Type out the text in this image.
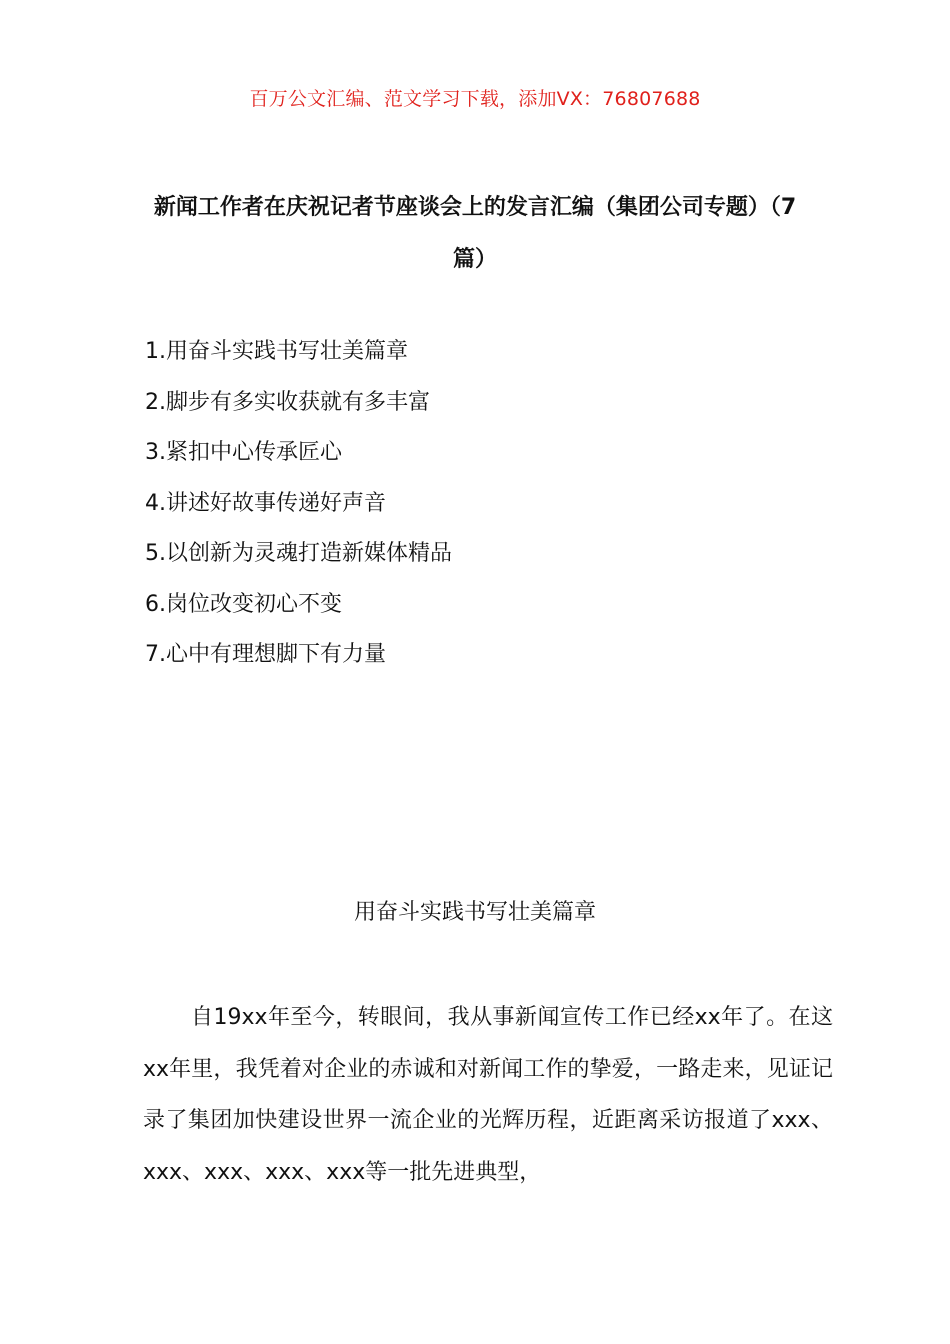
百万公文汇编、范文学习下载，添加VX：76807688
新闻工作者在庆祝记者节座谈会上的发言汇编（集团公司专题）（7篇）
1.用奋斗实践书写壮美篇章
2.脚步有多实收获就有多丰富
3.紧扣中心传承匠心
4.讲述好故事传递好声音
5.以创新为灵魂打造新媒体精品
6.岗位改变初心不变
7.心中有理想脚下有力量
用奋斗实践书写壮美篇章

自19xx年至今，转眼间，我从事新闻宣传工作已经xx年了。在这xx年里，我凭着对企业的赤诚和对新闻工作的挚爱，一路走来，见证记录了集团加快建设世界一流企业的光辉历程，近距离采访报道了xxx、xxx、xxx、xxx、xxx等一批先进典型，
